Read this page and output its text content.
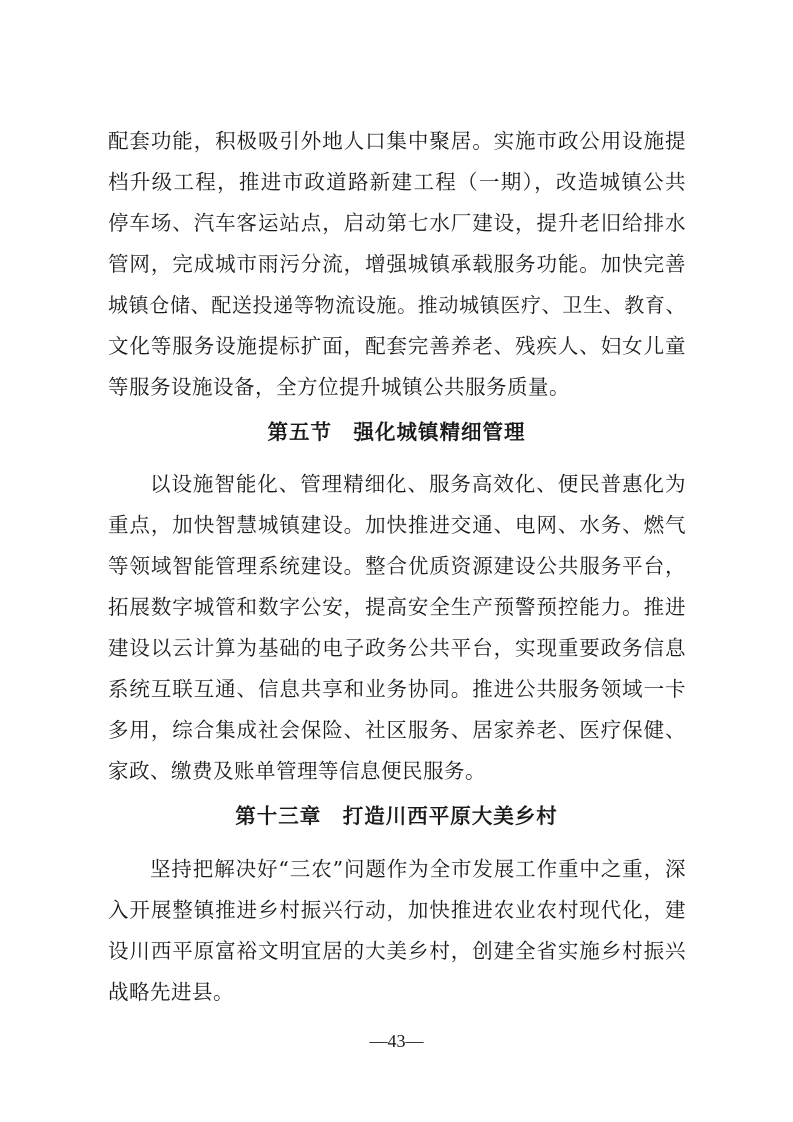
配套功能，积极吸引外地人口集中聚居。实施市政公用设施提
档升级工程，推进市政道路新建工程（一期），改造城镇公共
停车场、汽车客运站点，启动第七水厂建设，提升老旧给排水
管网，完成城市雨污分流，增强城镇承载服务功能。加快完善
城镇仓储、配送投递等物流设施。推动城镇医疗、卫生、教育、
文化等服务设施提标扩面，配套完善养老、残疾人、妇女儿童
等服务设施设备，全方位提升城镇公共服务质量。
第五节　强化城镇精细管理
以设施智能化、管理精细化、服务高效化、便民普惠化为
重点，加快智慧城镇建设。加快推进交通、电网、水务、燃气
等领域智能管理系统建设。整合优质资源建设公共服务平台，
拓展数字城管和数字公安，提高安全生产预警预控能力。推进
建设以云计算为基础的电子政务公共平台，实现重要政务信息
系统互联互通、信息共享和业务协同。推进公共服务领域一卡
多用，综合集成社会保险、社区服务、居家养老、医疗保健、
家政、缴费及账单管理等信息便民服务。
第十三章　打造川西平原大美乡村
坚持把解决好“三农”问题作为全市发展工作重中之重，深
入开展整镇推进乡村振兴行动，加快推进农业农村现代化，建
设川西平原富裕文明宜居的大美乡村，创建全省实施乡村振兴
战略先进县。
—43—
